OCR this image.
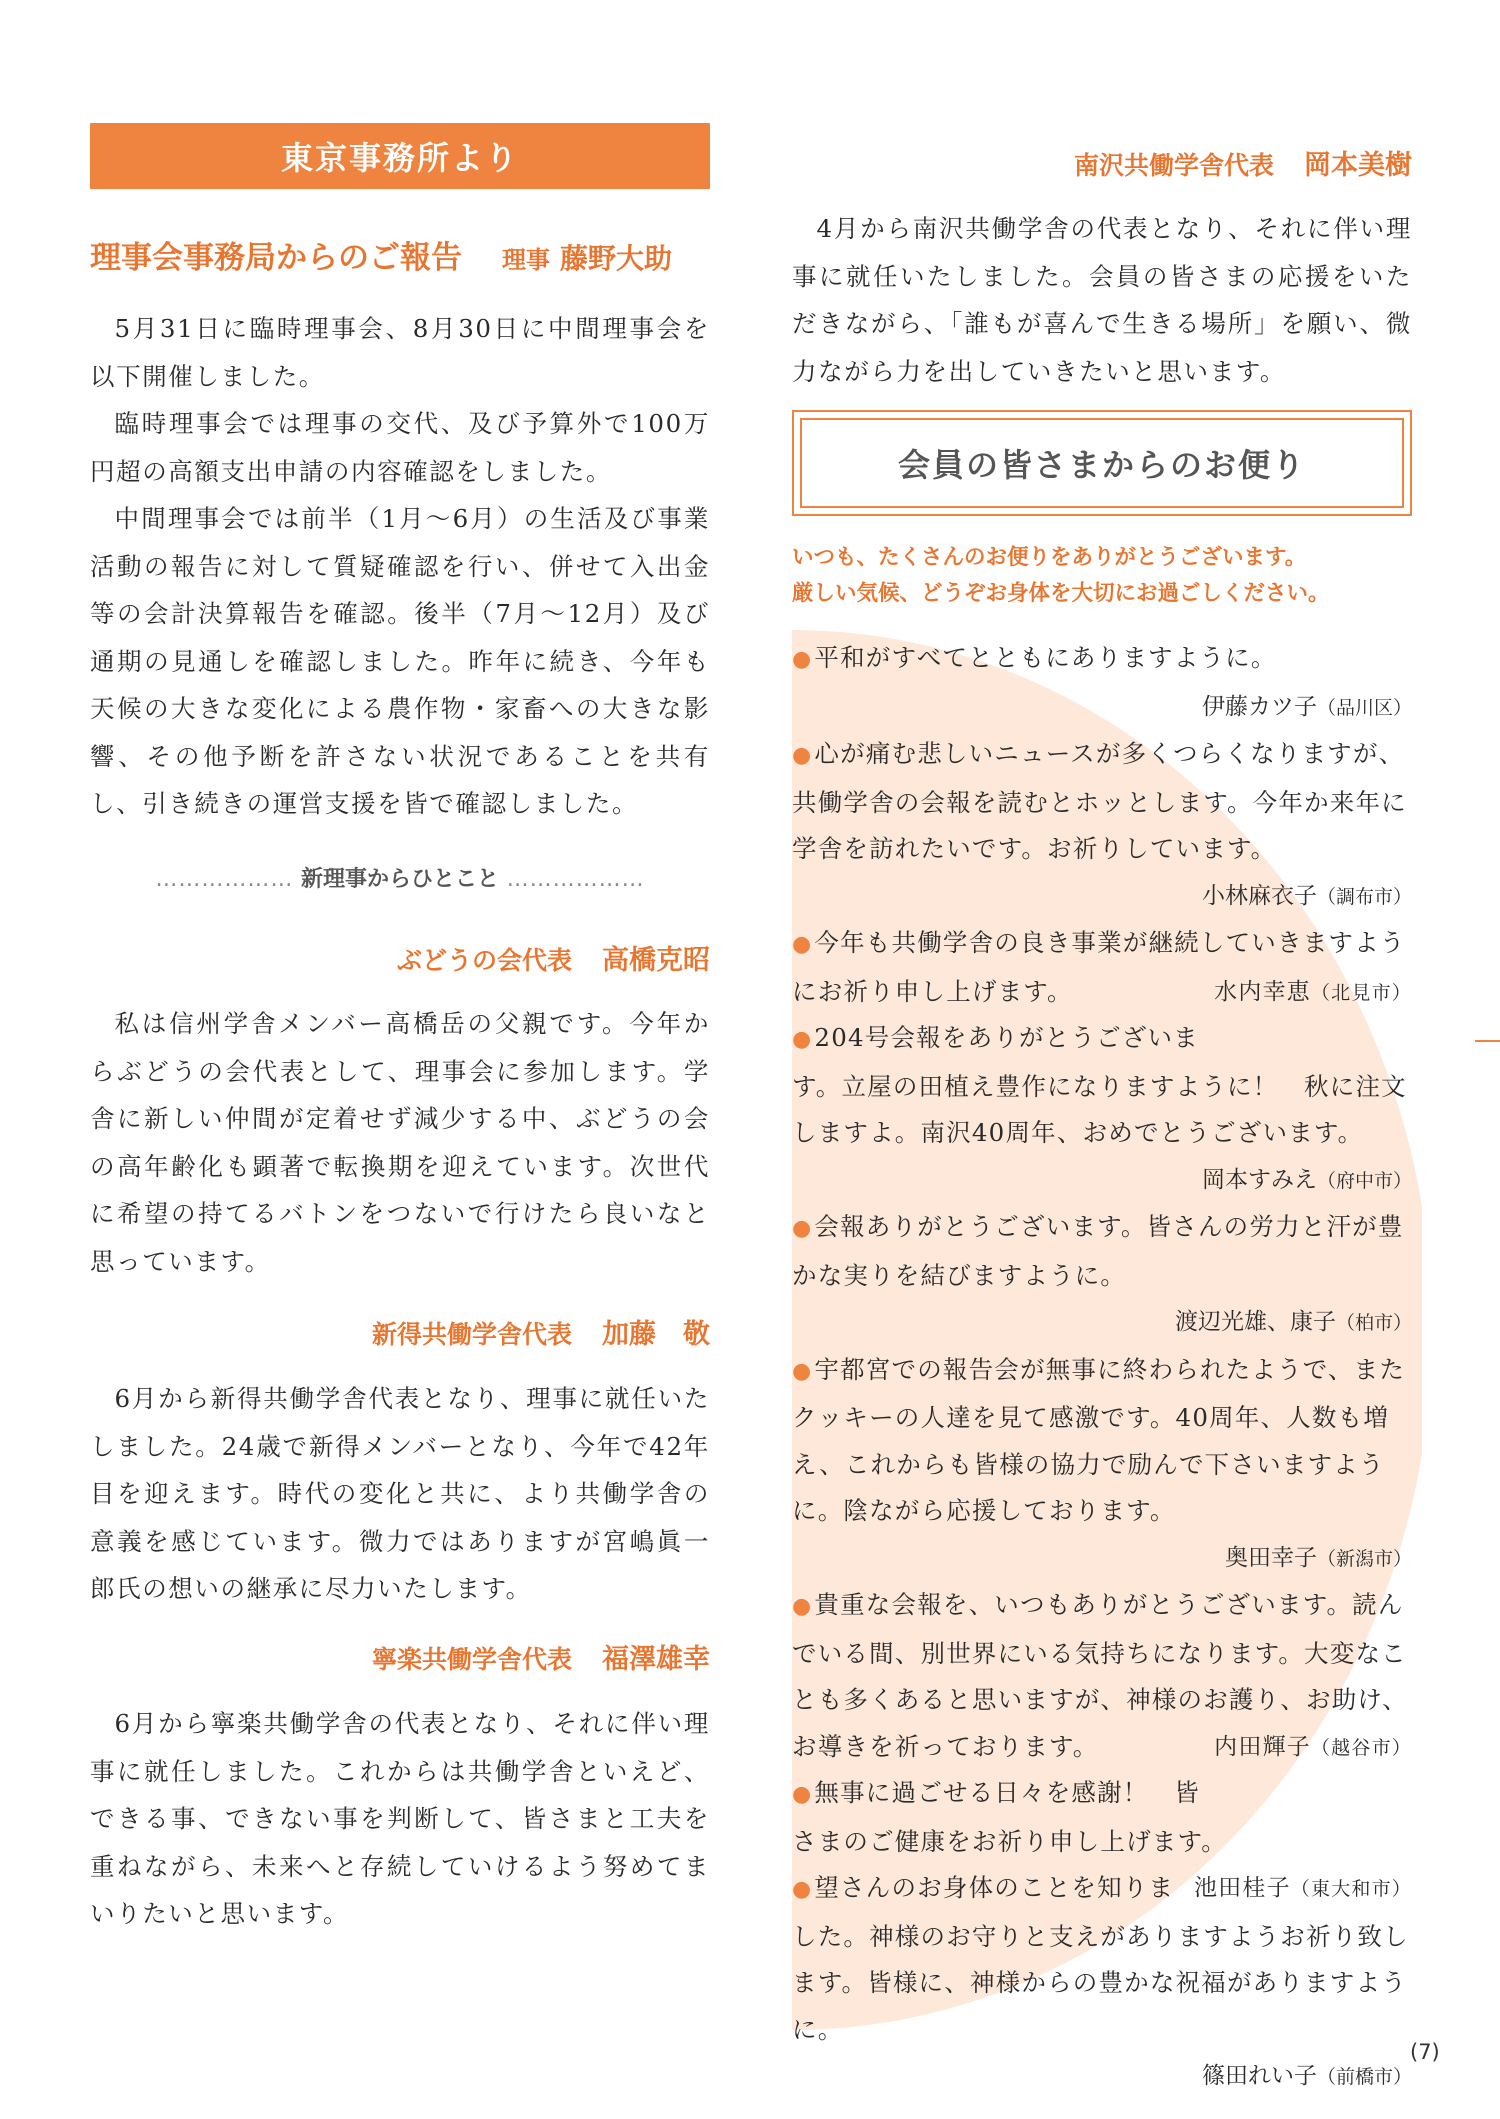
東京事務所より
理事会事務局からのご報告 理事 藤野大助

5月31日に臨時理事会、8月30日に中間理事会を以下開催しました。

臨時理事会では理事の交代、及び予算外で100万円超の高額支出申請の内容確認をしました。

中間理事会では前半（1月〜6月）の生活及び事業活動の報告に対して質疑確認を行い、併せて入出金等の会計決算報告を確認。後半（7月〜12月）及び通期の見通しを確認しました。昨年に続き、今年も天候の大きな変化による農作物・家畜への大きな影響、その他予断を許さない状況であることを共有し、引き続きの運営支援を皆で確認しました。

……………… 新理事からひとこと ………………
ぶどうの会代表 高橋克昭

私は信州学舎メンバー高橋岳の父親です。今年からぶどうの会代表として、理事会に参加します。学舎に新しい仲間が定着せず減少する中、ぶどうの会の高年齢化も顕著で転換期を迎えています。次世代に希望の持てるバトンをつないで行けたら良いなと思っています。

新得共働学舎代表 加藤　敬

6月から新得共働学舎代表となり、理事に就任いたしました。24歳で新得メンバーとなり、今年で42年目を迎えます。時代の変化と共に、より共働学舎の意義を感じています。微力ではありますが宮嶋眞一郎氏の想いの継承に尽力いたします。

寧楽共働学舎代表 福澤雄幸

6月から寧楽共働学舎の代表となり、それに伴い理事に就任しました。これからは共働学舎といえど、できる事、できない事を判断して、皆さまと工夫を重ねながら、未来へと存続していけるよう努めてまいりたいと思います。

南沢共働学舎代表 岡本美樹

4月から南沢共働学舎の代表となり、それに伴い理事に就任いたしました。会員の皆さまの応援をいただきながら、「誰もが喜んで生きる場所」を願い、微力ながら力を出していきたいと思います。

会員の皆さまからのお便り
いつも、たくさんのお便りをありがとうございます。
厳しい気候、どうぞお身体を大切にお過ごしください。

●平和がすべてとともにありますように。

伊藤カツ子（品川区）

●心が痛む悲しいニュースが多くつらくなりますが、共働学舎の会報を読むとホッとします。今年か来年に学舎を訪れたいです。お祈りしています。

小林麻衣子（調布市）

●今年も共働学舎の良き事業が継続していきますようにお祈り申し上げます。	水内幸恵（北見市）

●204号会報をありがとうございます。立屋の田植え豊作になりますように！　秋に注文しますよ。南沢40周年、おめでとうございます。

岡本すみえ（府中市）

●会報ありがとうございます。皆さんの労力と汗が豊かな実りを結びますように。

渡辺光雄、康子（柏市）

●宇都宮での報告会が無事に終わられたようで、またクッキーの人達を見て感激です。40周年、人数も増え、これからも皆様の協力で励んで下さいますように。陰ながら応援しております。

奥田幸子（新潟市）

●貴重な会報を、いつもありがとうございます。読んでいる間、別世界にいる気持ちになります。大変なことも多くあると思いますが、神様のお護り、お助け、お導きを祈っております。	内田輝子（越谷市）

●無事に過ごせる日々を感謝！　皆さまのご健康をお祈り申し上げます。
池田桂子（東大和市）

●望さんのお身体のことを知りました。神様のお守りと支えがありますようお祈り致します。皆様に、神様からの豊かな祝福がありますように。

篠田れい子（前橋市）
(7)
